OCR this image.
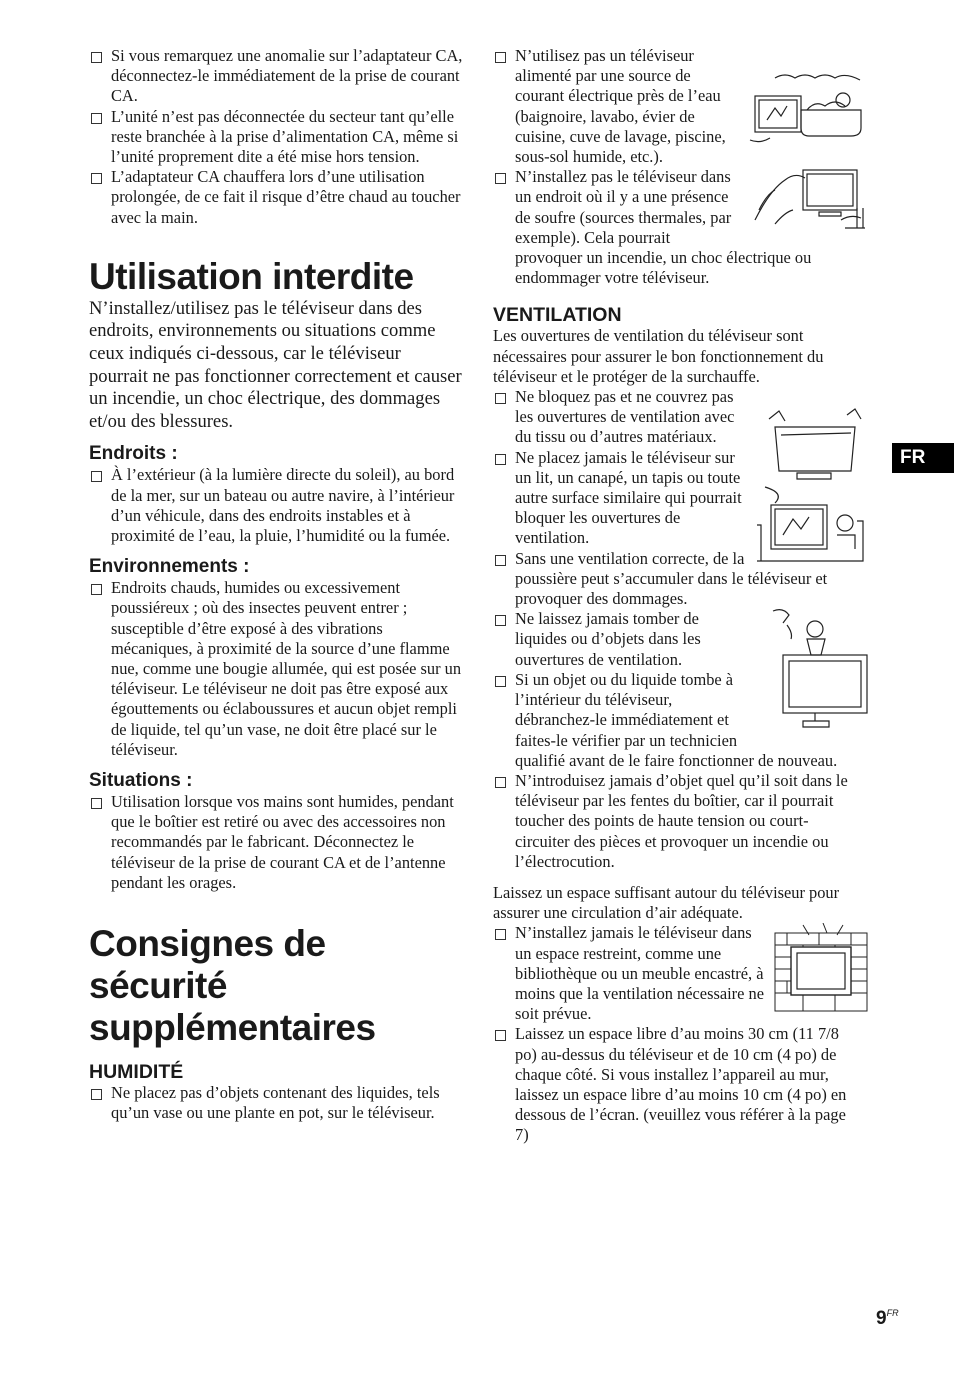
Si vous remarquez une anomalie sur l’adaptateur CA, déconnectez-le immédiatement de la prise de courant CA.

L’unité n’est pas déconnectée du secteur tant qu’elle reste branchée à la prise d’alimentation CA, même si l’unité proprement dite a été mise hors tension.

L’adaptateur CA chauffera lors d’une utilisation prolongée, de ce fait il risque d’être chaud au toucher avec la main.

Utilisation interdite

N’installez/utilisez pas le téléviseur dans des endroits, environnements ou situations comme ceux indiqués ci-dessous, car le téléviseur pourrait ne pas fonctionner correctement et causer un incendie, un choc électrique, des dommages et/ou des blessures.

Endroits :

À l’extérieur (à la lumière directe du soleil), au bord de la mer, sur un bateau ou autre navire, à l’intérieur d’un véhicule, dans des endroits instables et à proximité de l’eau, la pluie, l’humidité ou la fumée.

Environnements :

Endroits chauds, humides ou excessivement poussiéreux ; où des insectes peuvent entrer ; susceptible d’être exposé à des vibrations mécaniques, à proximité de la source d’une flamme nue, comme une bougie allumée, qui est posée sur un téléviseur. Le téléviseur ne doit pas être exposé aux égouttements ou éclaboussures et aucun objet rempli de liquide, tel qu’un vase, ne doit être placé sur le téléviseur.

Situations :

Utilisation lorsque vos mains sont humides, pendant que le boîtier est retiré ou avec des accessoires non recommandés par le fabricant. Déconnectez le téléviseur de la prise de courant CA et de l’antenne pendant les orages.

Consignes de sécurité supplémentaires
HUMIDITÉ

Ne placez pas d’objets contenant des liquides, tels qu’un vase ou une plante en pot, sur le téléviseur.

N’utilisez pas un téléviseur alimenté par une source de courant électrique près de l’eau (baignoire, lavabo, évier de cuisine, cuve de lavage, piscine, sous-sol humide, etc.).

N’installez pas le téléviseur dans un endroit où il y a une présence de soufre (sources thermales, par exemple). Cela pourrait provoquer un incendie, un choc électrique ou endommager votre téléviseur.

VENTILATION

Les ouvertures de ventilation du téléviseur sont nécessaires pour assurer le bon fonctionnement du téléviseur et le protéger de la surchauffe.

Ne bloquez pas et ne couvrez pas les ouvertures de ventilation avec du tissu ou d’autres matériaux.

Ne placez jamais le téléviseur sur un lit, un canapé, un tapis ou toute autre surface similaire qui pourrait bloquer les ouvertures de ventilation.

Sans une ventilation correcte, de la poussière peut s’accumuler dans le téléviseur et provoquer des dommages.

Ne laissez jamais tomber de liquides ou d’objets dans les ouvertures de ventilation.

Si un objet ou du liquide tombe à l’intérieur du téléviseur, débranchez-le immédiatement et faites-le vérifier par un technicien qualifié avant de le faire fonctionner de nouveau.

N’introduisez jamais d’objet quel qu’il soit dans le téléviseur par les fentes du boîtier, car il pourrait toucher des points de haute tension ou court-circuiter des pièces et provoquer un incendie ou l’électrocution.

Laissez un espace suffisant autour du téléviseur pour assurer une circulation d’air adéquate.

N’installez jamais le téléviseur dans un espace restreint, comme une bibliothèque ou un meuble encastré, à moins que la ventilation nécessaire ne soit prévue.

Laissez un espace libre d’au moins 30 cm (11 7/8 po) au-dessus du téléviseur et de 10 cm (4 po) de chaque côté. Si vous installez l’appareil au mur, laissez un espace libre d’au moins 10 cm (4 po) en dessous de l’écran. (veuillez vous référer à la page 7)

FR
$9^{FR}$
